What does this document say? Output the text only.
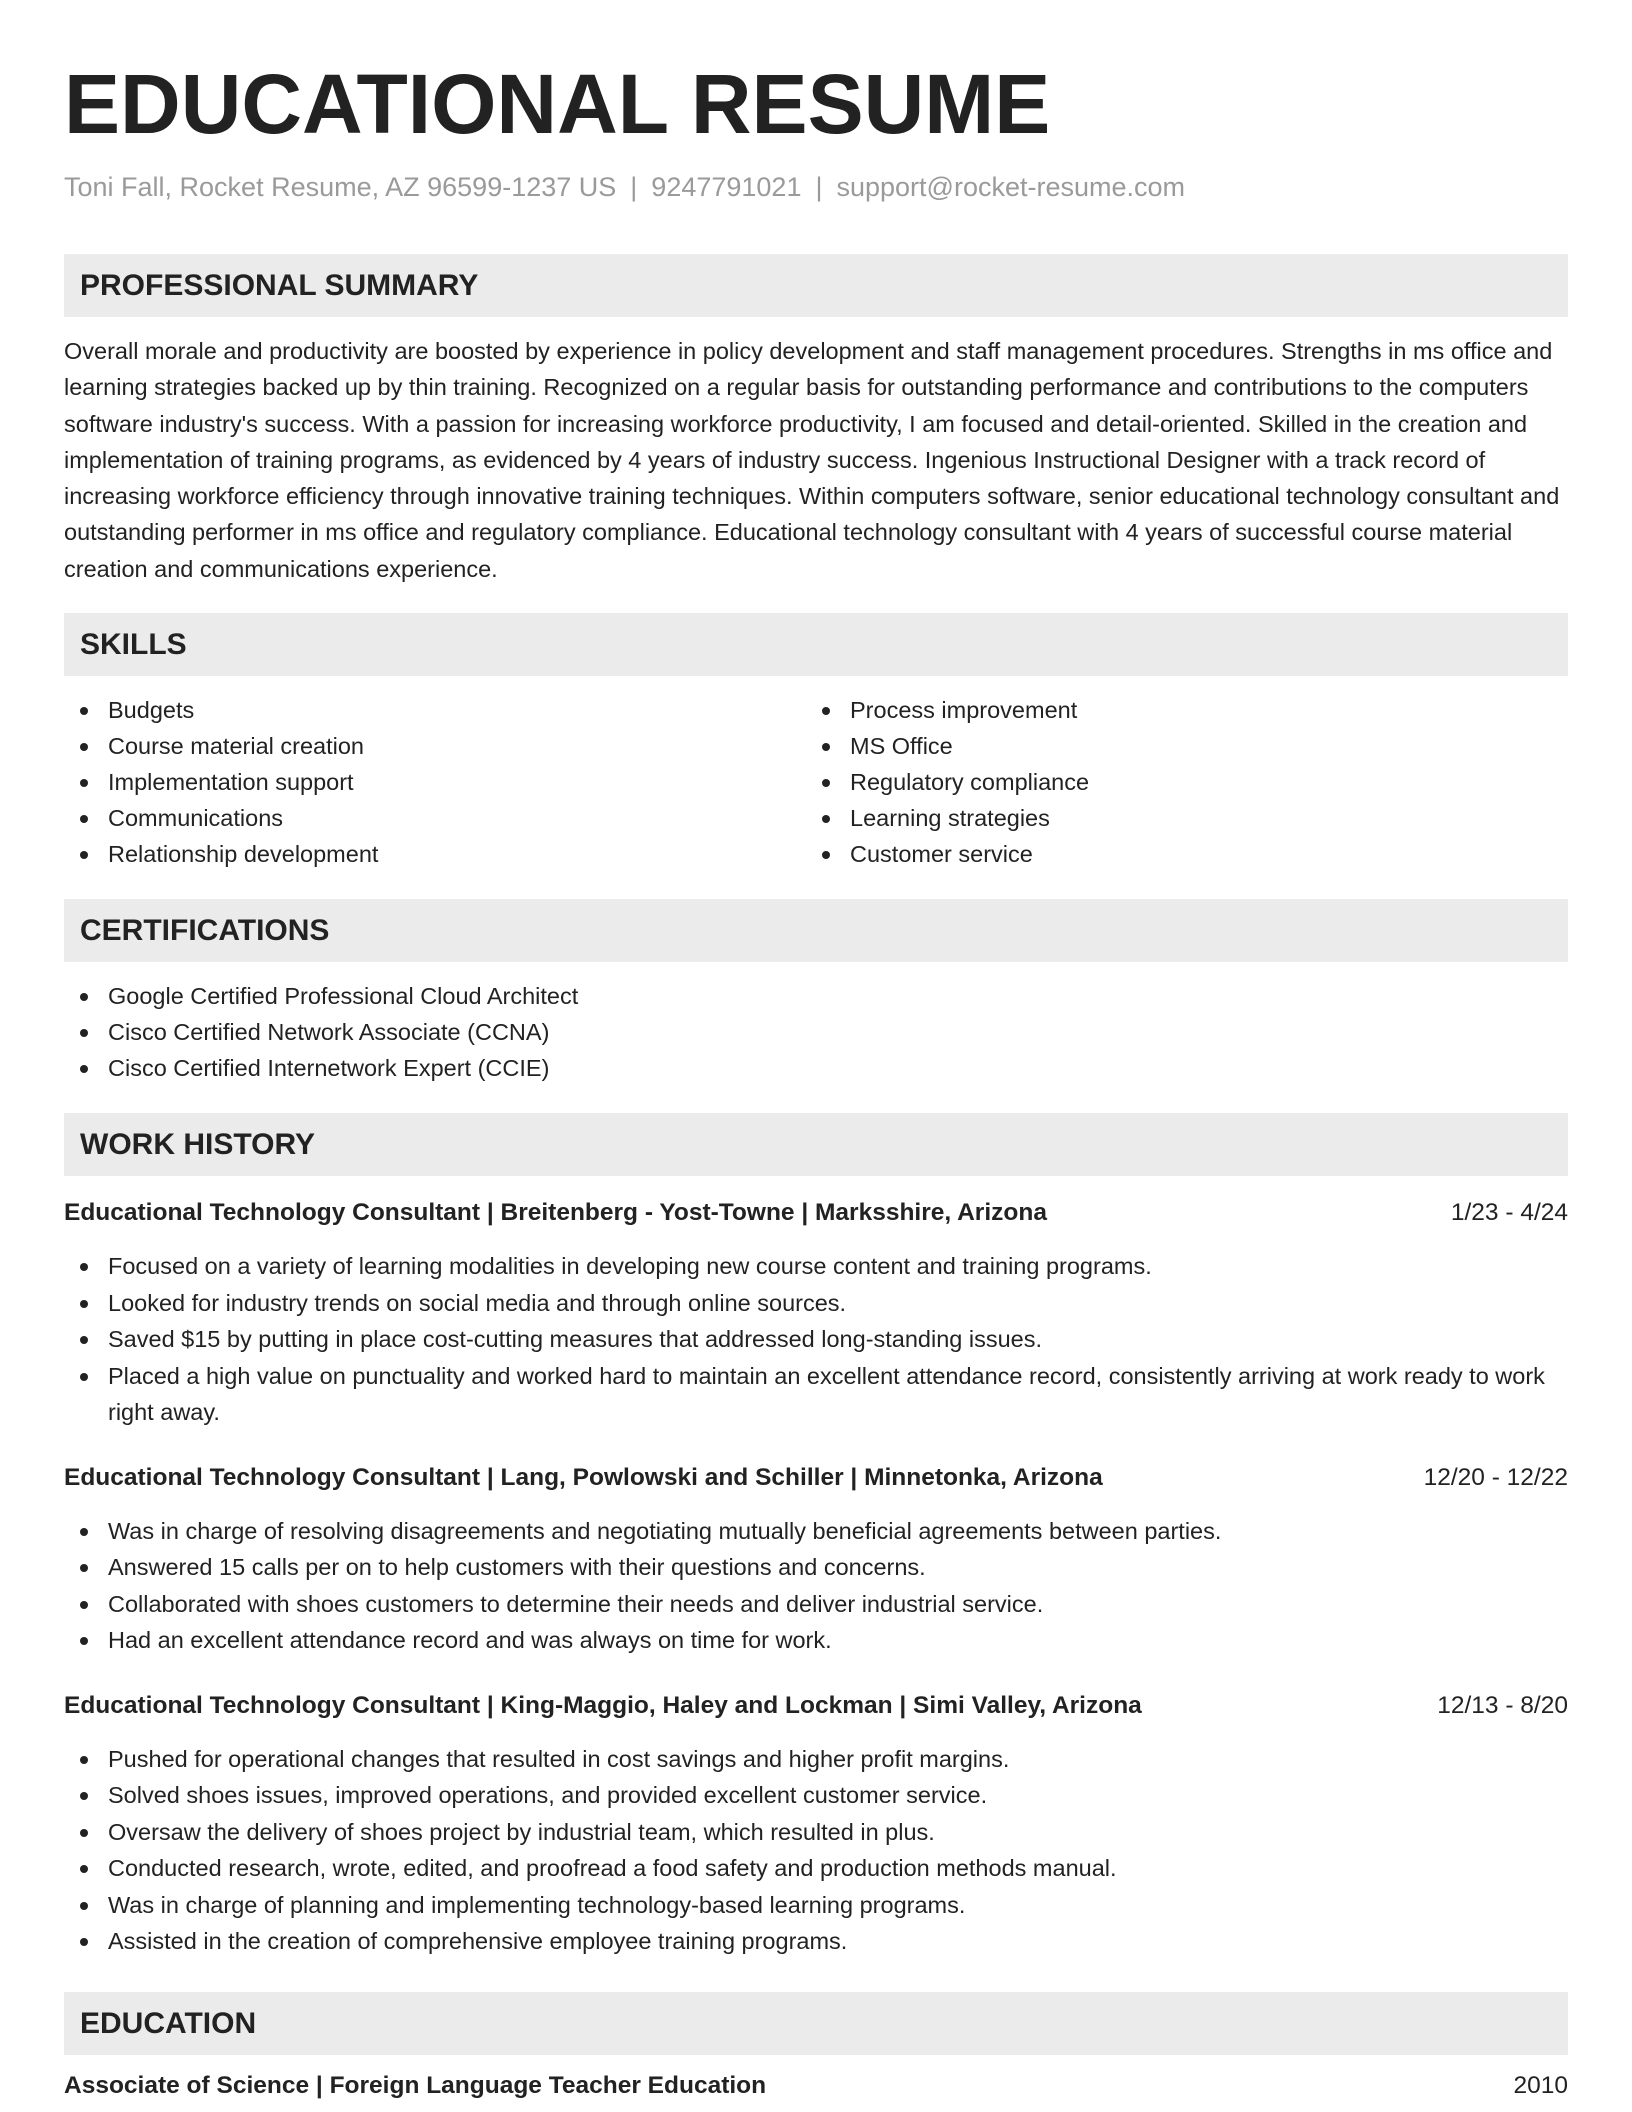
EDUCATIONAL RESUME
Toni Fall, Rocket Resume, AZ 96599-1237 US | 9247791021 | support@rocket-resume.com
PROFESSIONAL SUMMARY

Overall morale and productivity are boosted by experience in policy development and staff management procedures. Strengths in ms office and learning strategies backed up by thin training. Recognized on a regular basis for outstanding performance and contributions to the computers software industry's success. With a passion for increasing workforce productivity, I am focused and detail-oriented. Skilled in the creation and implementation of training programs, as evidenced by 4 years of industry success. Ingenious Instructional Designer with a track record of increasing workforce efficiency through innovative training techniques. Within computers software, senior educational technology consultant and outstanding performer in ms office and regulatory compliance. Educational technology consultant with 4 years of successful course material creation and communications experience.

SKILLS
Budgets
Course material creation
Implementation support
Communications
Relationship development
Process improvement
MS Office
Regulatory compliance
Learning strategies
Customer service
CERTIFICATIONS
Google Certified Professional Cloud Architect
Cisco Certified Network Associate (CCNA)
Cisco Certified Internetwork Expert (CCIE)
WORK HISTORY
Educational Technology Consultant | Breitenberg - Yost-Towne | Marksshire, Arizona	1/23 - 4/24
Focused on a variety of learning modalities in developing new course content and training programs.
Looked for industry trends on social media and through online sources.
Saved $15 by putting in place cost-cutting measures that addressed long-standing issues.
Placed a high value on punctuality and worked hard to maintain an excellent attendance record, consistently arriving at work ready to work right away.
Educational Technology Consultant | Lang, Powlowski and Schiller | Minnetonka, Arizona	12/20 - 12/22
Was in charge of resolving disagreements and negotiating mutually beneficial agreements between parties.
Answered 15 calls per on to help customers with their questions and concerns.
Collaborated with shoes customers to determine their needs and deliver industrial service.
Had an excellent attendance record and was always on time for work.
Educational Technology Consultant | King-Maggio, Haley and Lockman | Simi Valley, Arizona	12/13 - 8/20
Pushed for operational changes that resulted in cost savings and higher profit margins.
Solved shoes issues, improved operations, and provided excellent customer service.
Oversaw the delivery of shoes project by industrial team, which resulted in plus.
Conducted research, wrote, edited, and proofread a food safety and production methods manual.
Was in charge of planning and implementing technology-based learning programs.
Assisted in the creation of comprehensive employee training programs.
EDUCATION
Associate of Science | Foreign Language Teacher Education	2010
